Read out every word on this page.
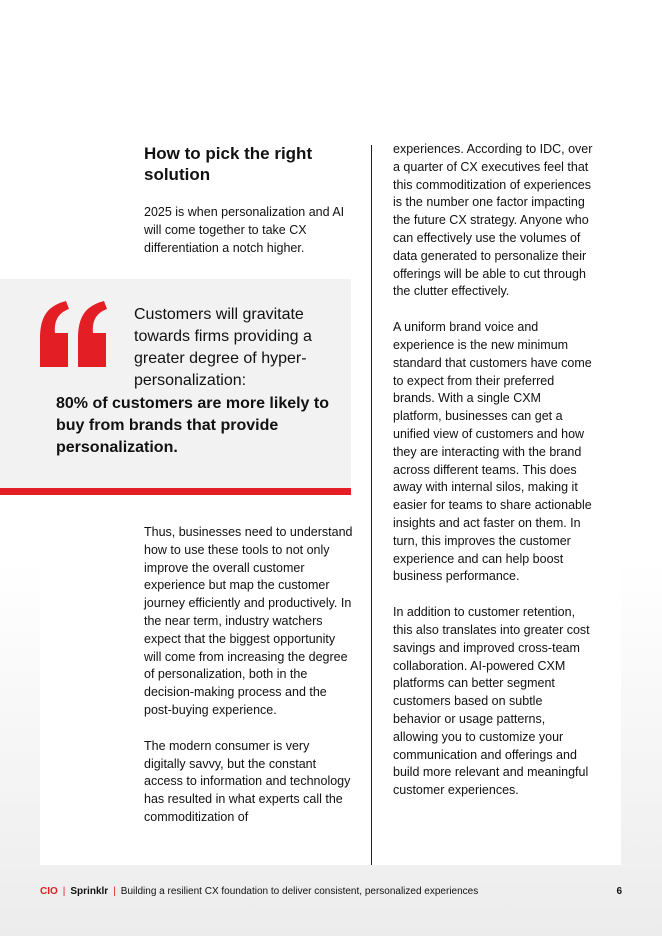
How to pick the right solution

2025 is when personalization and AI will come together to take CX differentiation a notch higher.

Customers will gravitate towards firms providing a greater degree of hyper-personalization:

80% of customers are more likely to buy from brands that provide personalization.

Thus, businesses need to understand how to use these tools to not only improve the overall customer experience but map the customer journey efficiently and productively. In the near term, industry watchers expect that the biggest opportunity will come from increasing the degree of personalization, both in the decision-making process and the post-buying experience.

The modern consumer is very digitally savvy, but the constant access to information and technology has resulted in what experts call the commoditization of

experiences. According to IDC, over a quarter of CX executives feel that this commoditization of experiences is the number one factor impacting the future CX strategy. Anyone who can effectively use the volumes of data generated to personalize their offerings will be able to cut through the clutter effectively.

A uniform brand voice and experience is the new minimum standard that customers have come to expect from their preferred brands. With a single CXM platform, businesses can get a unified view of customers and how they are interacting with the brand across different teams. This does away with internal silos, making it easier for teams to share actionable insights and act faster on them. In turn, this improves the customer experience and can help boost business performance.

In addition to customer retention, this also translates into greater cost savings and improved cross-team collaboration. AI-powered CXM platforms can better segment customers based on subtle behavior or usage patterns, allowing you to customize your communication and offerings and build more relevant and meaningful customer experiences.

CIO | Sprinklr | Building a resilient CX foundation to deliver consistent, personalized experiences	6
